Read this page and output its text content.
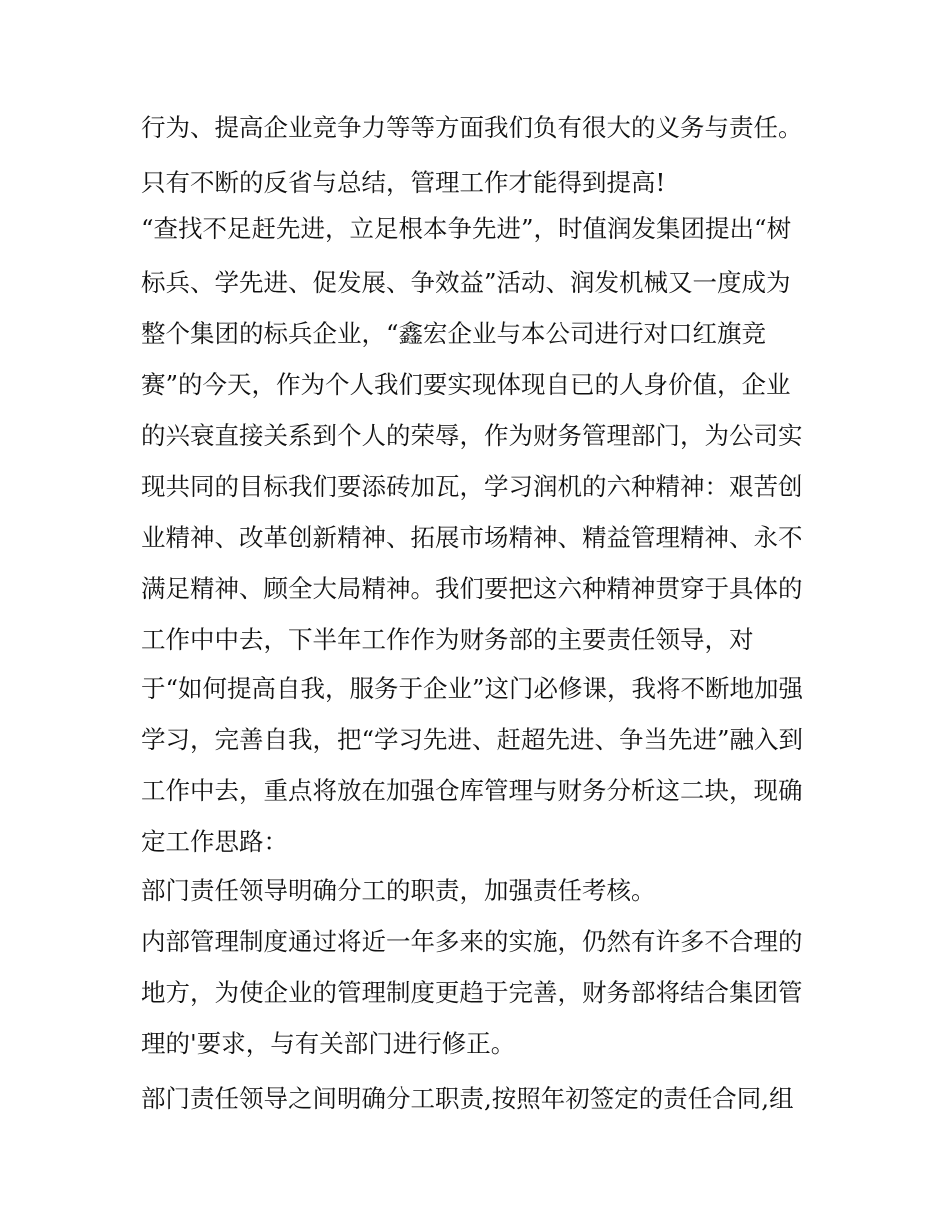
行为、提高企业竞争力等等方面我们负有很大的义务与责任。
只有不断的反省与总结，管理工作才能得到提高!
“查找不足赶先进，立足根本争先进”，时值润发集团提出“树
标兵、学先进、促发展、争效益”活动、润发机械又一度成为
整个集团的标兵企业，“鑫宏企业与本公司进行对口红旗竞
赛”的今天，作为个人我们要实现体现自已的人身价值，企业
的兴衰直接关系到个人的荣辱，作为财务管理部门，为公司实
现共同的目标我们要添砖加瓦，学习润机的六种精神：艰苦创
业精神、改革创新精神、拓展市场精神、精益管理精神、永不
满足精神、顾全大局精神。我们要把这六种精神贯穿于具体的
工作中中去，下半年工作作为财务部的主要责任领导，对
于“如何提高自我，服务于企业”这门必修课，我将不断地加强
学习，完善自我，把“学习先进、赶超先进、争当先进”融入到
工作中去，重点将放在加强仓库管理与财务分析这二块，现确
定工作思路：
部门责任领导明确分工的职责，加强责任考核。
内部管理制度通过将近一年多来的实施，仍然有许多不合理的
地方，为使企业的管理制度更趋于完善，财务部将结合集团管
理的'要求，与有关部门进行修正。
部门责任领导之间明确分工职责,按照年初签定的责任合同,组
